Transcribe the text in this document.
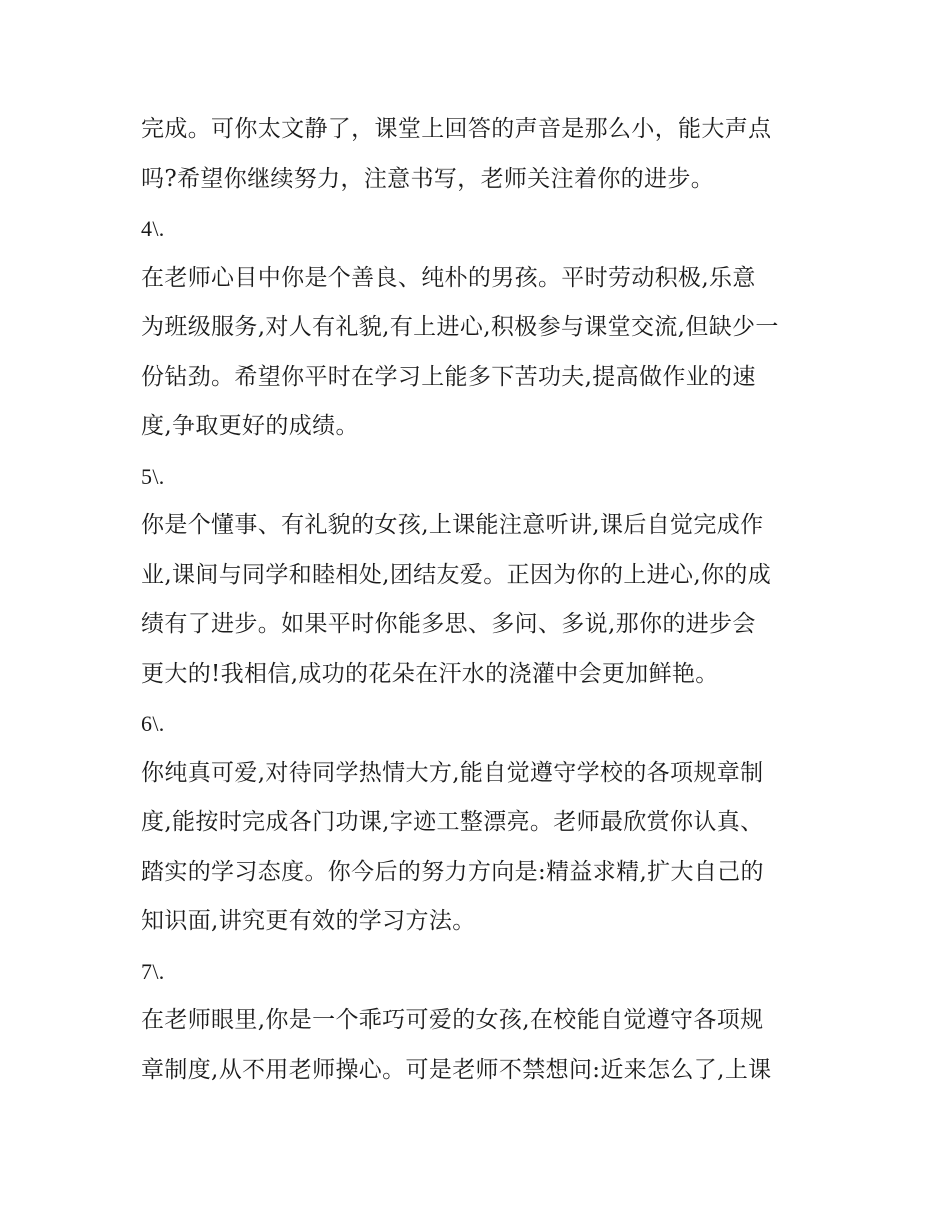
完成。可你太文静了，课堂上回答的声音是那么小，能大声点
吗?希望你继续努力，注意书写，老师关注着你的进步。
4\.
在老师心目中你是个善良、纯朴的男孩。平时劳动积极,乐意
为班级服务,对人有礼貌,有上进心,积极参与课堂交流,但缺少一
份钻劲。希望你平时在学习上能多下苦功夫,提高做作业的速
度,争取更好的成绩。
5\.
你是个懂事、有礼貌的女孩,上课能注意听讲,课后自觉完成作
业,课间与同学和睦相处,团结友爱。正因为你的上进心,你的成
绩有了进步。如果平时你能多思、多问、多说,那你的进步会
更大的!我相信,成功的花朵在汗水的浇灌中会更加鲜艳。
6\.
你纯真可爱,对待同学热情大方,能自觉遵守学校的各项规章制
度,能按时完成各门功课,字迹工整漂亮。老师最欣赏你认真、
踏实的学习态度。你今后的努力方向是:精益求精,扩大自己的
知识面,讲究更有效的学习方法。
7\.
在老师眼里,你是一个乖巧可爱的女孩,在校能自觉遵守各项规
章制度,从不用老师操心。可是老师不禁想问:近来怎么了,上课
